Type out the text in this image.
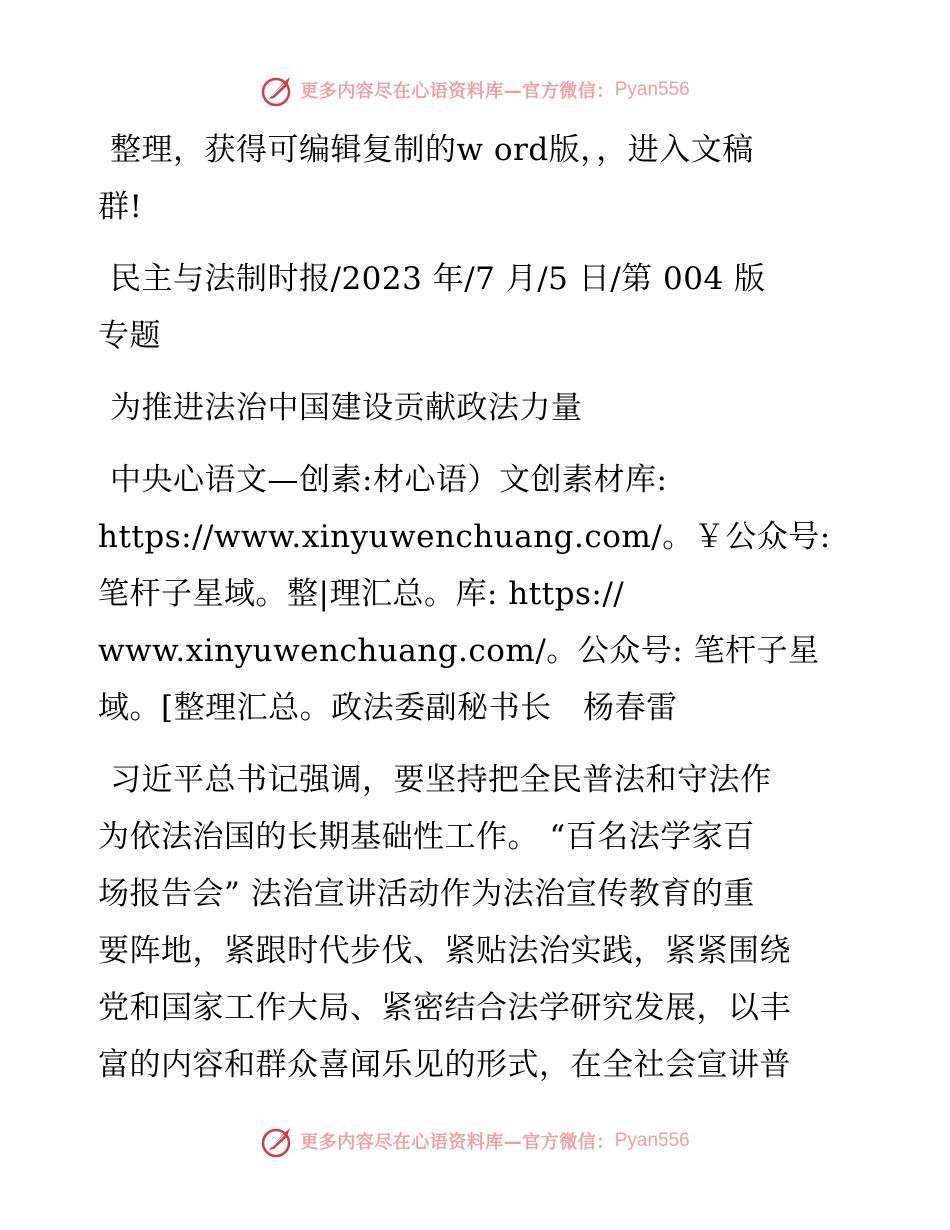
更多内容尽在心语资料库—官方微信： Pyan556

整理，获得可编辑复制的w ord版，，进入文稿
群!

民主与法制时报/2023 年/7 月/5 日/第 004 版
专题

为推进法治中国建设贡献政法力量

中央心语文—创素:材心语）文创素材库:
https://www.xinyuwenchuang.com/。￥公众号:
笔杆子星域。整|理汇总。库: https://
www.xinyuwenchuang.com/。公众号: 笔杆子星
域。[整理汇总。政法委副秘书长　杨春雷

习近平总书记强调，要坚持把全民普法和守法作
为依法治国的长期基础性工作。 “百名法学家百
场报告会” 法治宣讲活动作为法治宣传教育的重
要阵地，紧跟时代步伐、紧贴法治实践，紧紧围绕
党和国家工作大局、紧密结合法学研究发展，以丰
富的内容和群众喜闻乐见的形式，在全社会宣讲普

更多内容尽在心语资料库—官方微信： Pyan556
